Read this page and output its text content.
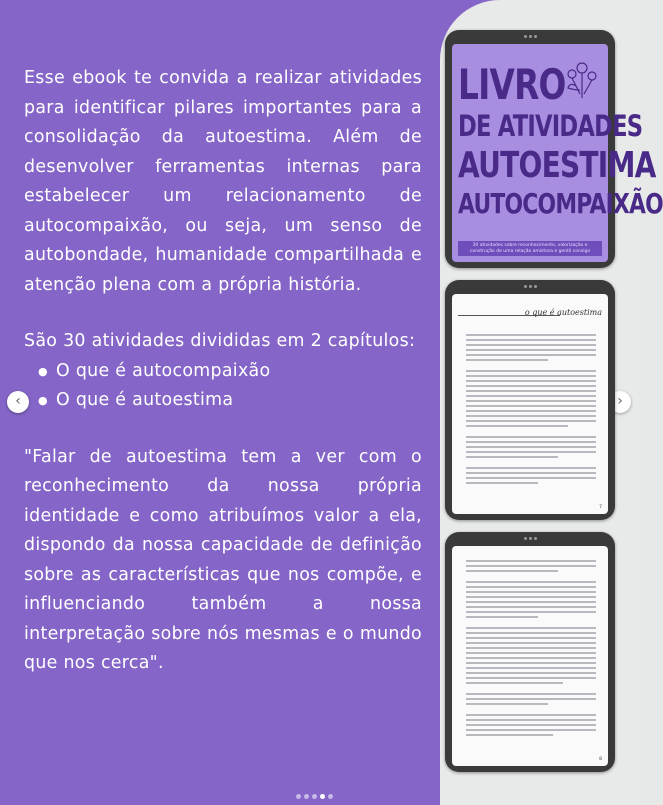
Esse ebook te convida a realizar atividades para identificar pilares importantes para a consolidação da autoestima. Além de desenvolver ferramentas internas para estabelecer um relacionamento de autocompaixão, ou seja, um senso de autobondade, humanidade compartilhada e atenção plena com a própria história.

São 30 atividades divididas em 2 capítulos:

● O que é autocompaixão
● O que é autoestima

"Falar de autoestima tem a ver com o reconhecimento da nossa própria identidade e como atribuímos valor a ela, dispondo da nossa capacidade de definição sobre as características que nos compõe, e influenciando também a nossa interpretação sobre nós mesmas e o mundo que nos cerca".

‹	›
LIVRO
DE ATIVIDADES
AUTOESTIMA
AUTOCOMPAIXÃO
30 atividades sobre reconhecimento, valorização e construção de uma relação amistosa e gentil consigo
o que é autoestima
7
8
